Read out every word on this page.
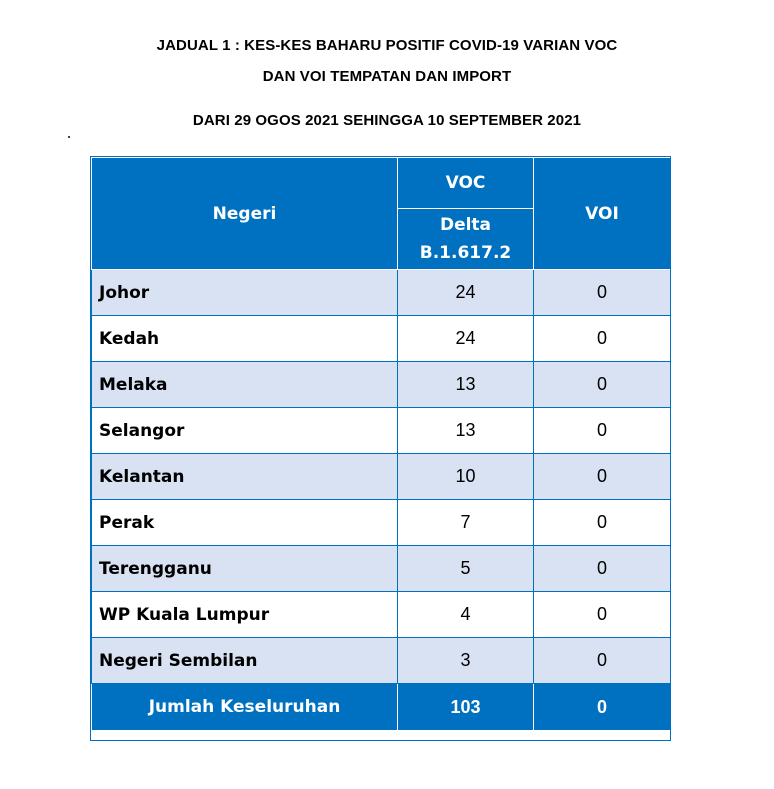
JADUAL 1 : KES-KES BAHARU POSITIF COVID-19 VARIAN VOC
DAN VOI TEMPATAN DAN IMPORT
DARI 29 OGOS 2021 SEHINGGA 10 SEPTEMBER 2021
Negeri	VOC	VOI

	Delta
B.1.617.2	

Johor	24	0
Kedah	24	0
Melaka	13	0
Selangor	13	0
Kelantan	10	0
Perak	7	0
Terengganu	5	0
WP Kuala Lumpur	4	0
Negeri Sembilan	3	0
Jumlah Keseluruhan	103	0
